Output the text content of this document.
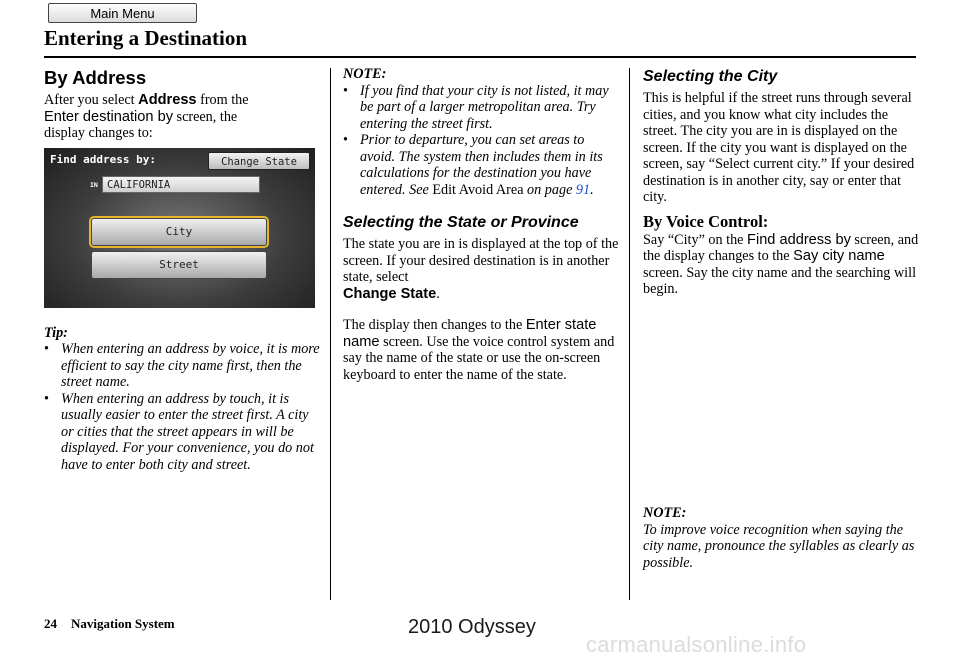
Main Menu
Entering a Destination
By Address

After you select Address from the
Enter destination by screen, the
display changes to:

Tip:

• When entering an address by voice, it is more efficient to say the city name first, then the street name.
• When entering an address by touch, it is usually easier to enter the street first. A city or cities that the street appears in will be displayed. For your convenience, you do not have to enter both city and street.
Find address by:	Change State
IN CALIFORNIA
City
Street

NOTE:

• If you find that your city is not listed, it may be part of a larger metropolitan area. Try entering the street first.
• Prior to departure, you can set areas to avoid. The system then includes them in its calculations for the destination you have entered. See Edit Avoid Area on page 91.
Selecting the State or Province

The state you are in is displayed at the top of the screen. If your desired destination is in another state, select
Change State.

The display then changes to the Enter state name screen. Use the voice control system and say the name of the state or use the on-screen keyboard to enter the name of the state.

Selecting the City

This is helpful if the street runs through several cities, and you know what city includes the street. The city you are in is displayed on the screen. If the city you want is displayed on the screen, say “Select current city.” If your desired destination is in another city, say or enter that city.

By Voice Control:

Say “City” on the Find address by screen, and the display changes to the Say city name screen. Say the city name and the searching will begin.

NOTE:

To improve voice recognition when saying the city name, pronounce the syllables as clearly as possible.

24 Navigation System	2010 Odyssey
carmanualsonline.info
